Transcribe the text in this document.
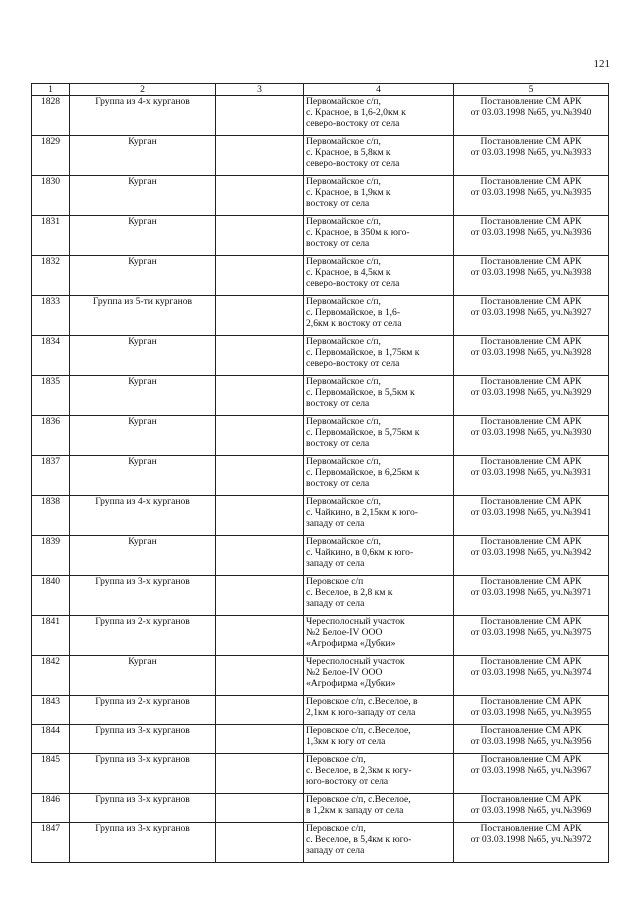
121
1	2	3	4	5
1828	Группа из 4-х курганов		Первомайское с/п,
с. Красное, в 1,6-2,0км к
северо-востоку от села	Постановление СМ АРК
от 03.03.1998 №65, уч.№3940

1829	Курган		Первомайское с/п,
с. Красное, в 5,8км к
северо-востоку от села	Постановление СМ АРК
от 03.03.1998 №65, уч.№3933

1830	Курган		Первомайское с/п,
с. Красное, в 1,9км к
востоку от села	Постановление СМ АРК
от 03.03.1998 №65, уч.№3935

1831	Курган		Первомайское с/п,
с. Красное, в 350м к юго-
востоку от села	Постановление СМ АРК
от 03.03.1998 №65, уч.№3936

1832	Курган		Первомайское с/п,
с. Красное, в 4,5км к
северо-востоку от села	Постановление СМ АРК
от 03.03.1998 №65, уч.№3938

1833	Группа из 5-ти курганов		Первомайское с/п,
с. Первомайское, в 1,6-
2,6км к востоку от села	Постановление СМ АРК
от 03.03.1998 №65, уч.№3927

1834	Курган		Первомайское с/п,
с. Первомайское, в 1,75км к
северо-востоку от села	Постановление СМ АРК
от 03.03.1998 №65, уч.№3928

1835	Курган		Первомайское с/п,
с. Первомайское, в 5,5км к
востоку от села	Постановление СМ АРК
от 03.03.1998 №65, уч.№3929

1836	Курган		Первомайское с/п,
с. Первомайское, в 5,75км к
востоку от села	Постановление СМ АРК
от 03.03.1998 №65, уч.№3930

1837	Курган		Первомайское с/п,
с. Первомайское, в 6,25км к
востоку от села	Постановление СМ АРК
от 03.03.1998 №65, уч.№3931

1838	Группа из 4-х курганов		Первомайское с/п,
с. Чайкино, в 2,15км к юго-
западу от села	Постановление СМ АРК
от 03.03.1998 №65, уч.№3941

1839	Курган		Первомайское с/п,
с. Чайкино, в 0,6км к юго-
западу от села	Постановление СМ АРК
от 03.03.1998 №65, уч.№3942

1840	Группа из 3-х курганов		Перовское с/п
с. Веселое, в 2,8 км к
западу от села	Постановление СМ АРК
от 03.03.1998 №65, уч.№3971

1841	Группа из 2-х курганов		Чересполосный участок
№2 Белое-IV ООО
«Агрофирма «Дубки»	Постановление СМ АРК
от 03.03.1998 №65, уч.№3975

1842	Курган		Чересполосный участок
№2 Белое-IV ООО
«Агрофирма «Дубки»	Постановление СМ АРК
от 03.03.1998 №65, уч.№3974

1843	Группа из 2-х курганов		Перовское с/п, с.Веселое, в
2,1км к юго-западу от села	Постановление СМ АРК
от 03.03.1998 №65, уч.№3955

1844	Группа из 3-х курганов		Перовское с/п, с.Веселое,
1,3км к югу от села	Постановление СМ АРК
от 03.03.1998 №65, уч.№3956

1845	Группа из 3-х курганов		Перовское с/п,
с. Веселое, в 2,3км к югу-
юго-востоку от села	Постановление СМ АРК
от 03.03.1998 №65, уч.№3967

1846	Группа из 3-х курганов		Перовское с/п, с.Веселое,
в 1,2км к западу от села	Постановление СМ АРК
от 03.03.1998 №65, уч.№3969

1847	Группа из 3-х курганов		Перовское с/п,
с. Веселое, в 5,4км к юго-
западу от села	Постановление СМ АРК
от 03.03.1998 №65, уч.№3972
